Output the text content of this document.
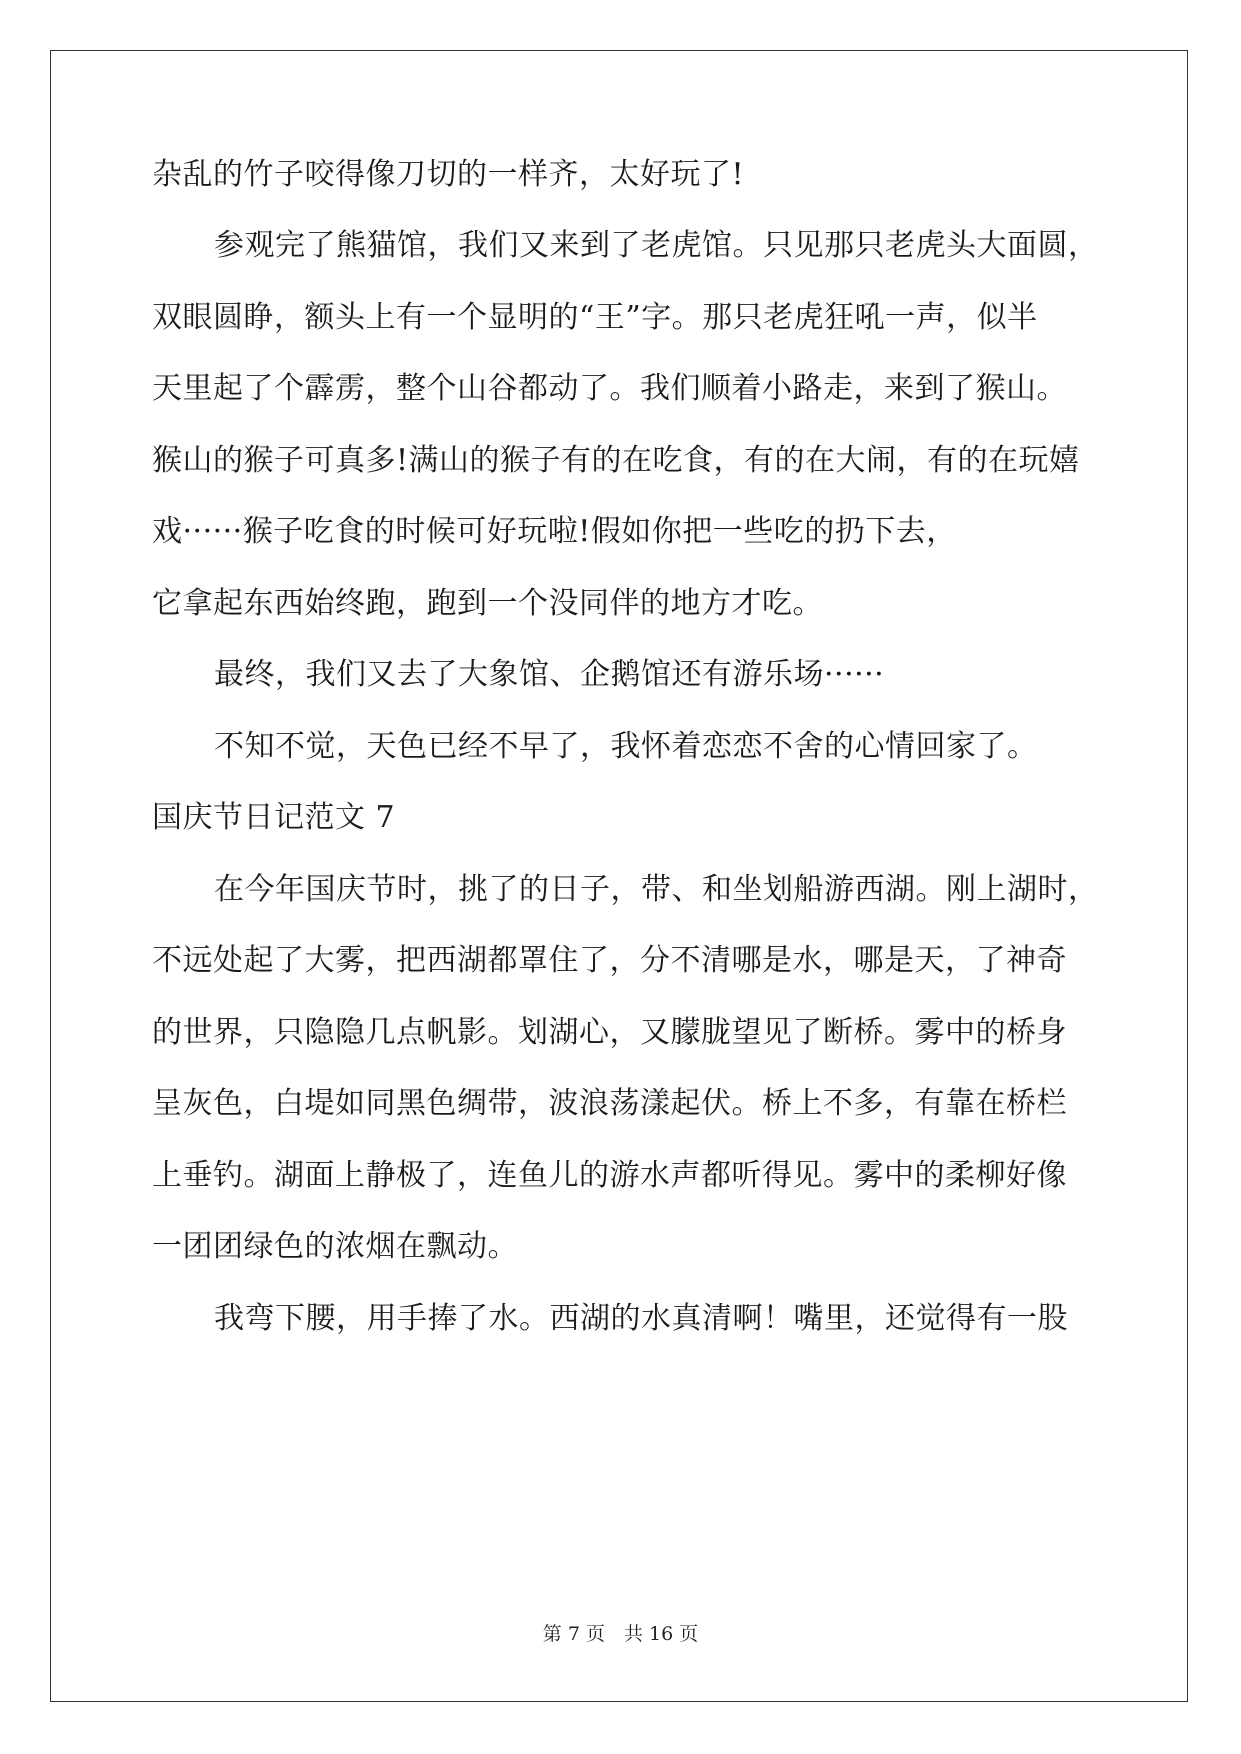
杂乱的竹子咬得像刀切的一样齐，太好玩了!
参观完了熊猫馆，我们又来到了老虎馆。只见那只老虎头大面圆，
双眼圆睁，额头上有一个显明的“王”字。那只老虎狂吼一声，似半
天里起了个霹雳，整个山谷都动了。我们顺着小路走，来到了猴山。
猴山的猴子可真多!满山的猴子有的在吃食，有的在大闹，有的在玩嬉
戏······猴子吃食的时候可好玩啦!假如你把一些吃的扔下去，
它拿起东西始终跑，跑到一个没同伴的地方才吃。
最终，我们又去了大象馆、企鹅馆还有游乐场······
不知不觉，天色已经不早了，我怀着恋恋不舍的心情回家了。
国庆节日记范文 7
在今年国庆节时，挑了的日子，带、和坐划船游西湖。刚上湖时，
不远处起了大雾，把西湖都罩住了，分不清哪是水，哪是天，了神奇
的世界，只隐隐几点帆影。划湖心，又朦胧望见了断桥。雾中的桥身
呈灰色，白堤如同黑色绸带，波浪荡漾起伏。桥上不多，有靠在桥栏
上垂钓。湖面上静极了，连鱼儿的游水声都听得见。雾中的柔柳好像
一团团绿色的浓烟在飘动。
我弯下腰，用手捧了水。西湖的水真清啊！嘴里，还觉得有一股
第 7 页　共 16 页
